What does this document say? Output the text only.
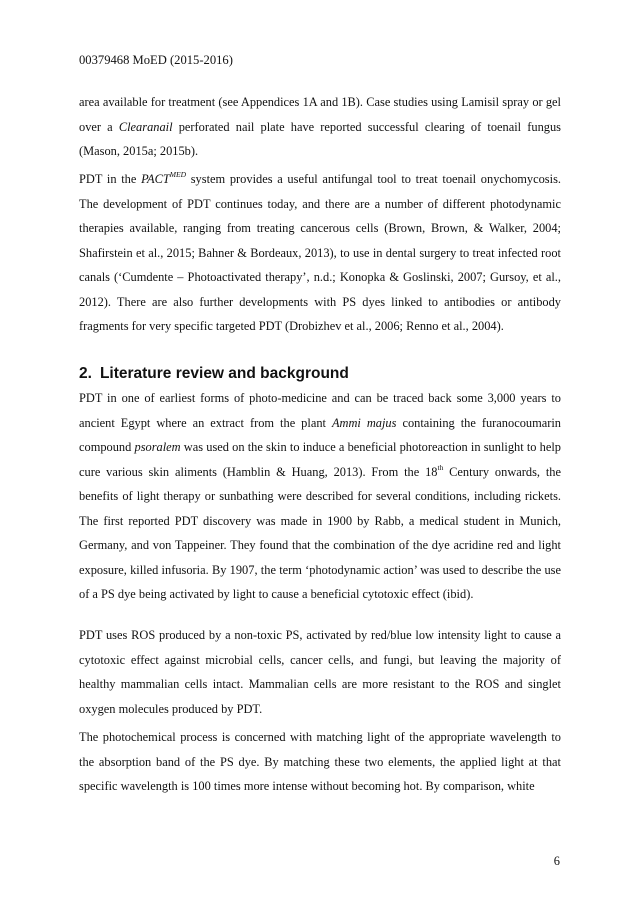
00379468 MoED (2015-2016)

area available for treatment (see Appendices 1A and 1B). Case studies using Lamisil spray or gel over a Clearanail perforated nail plate have reported successful clearing of toenail fungus (Mason, 2015a; 2015b).

PDT in the $PACT^{MED}$ system provides a useful antifungal tool to treat toenail onychomycosis. The development of PDT continues today, and there are a number of different photodynamic therapies available, ranging from treating cancerous cells (Brown, Brown, & Walker, 2004; Shafirstein et al., 2015; Bahner & Bordeaux, 2013), to use in dental surgery to treat infected root canals (‘Cumdente – Photoactivated therapy’, n.d.; Konopka & Goslinski, 2007; Gursoy, et al., 2012). There are also further developments with PS dyes linked to antibodies or antibody fragments for very specific targeted PDT (Drobizhev et al., 2006; Renno et al., 2004).

2. Literature review and background

PDT in one of earliest forms of photo-medicine and can be traced back some 3,000 years to ancient Egypt where an extract from the plant Ammi majus containing the furanocoumarin compound psoralem was used on the skin to induce a beneficial photoreaction in sunlight to help cure various skin aliments (Hamblin & Huang, 2013). From the 18th Century onwards, the benefits of light therapy or sunbathing were described for several conditions, including rickets. The first reported PDT discovery was made in 1900 by Rabb, a medical student in Munich, Germany, and von Tappeiner. They found that the combination of the dye acridine red and light exposure, killed infusoria. By 1907, the term ‘photodynamic action’ was used to describe the use of a PS dye being activated by light to cause a beneficial cytotoxic effect (ibid).

PDT uses ROS produced by a non-toxic PS, activated by red/blue low intensity light to cause a cytotoxic effect against microbial cells, cancer cells, and fungi, but leaving the majority of healthy mammalian cells intact. Mammalian cells are more resistant to the ROS and singlet oxygen molecules produced by PDT.

The photochemical process is concerned with matching light of the appropriate wavelength to the absorption band of the PS dye. By matching these two elements, the applied light at that specific wavelength is 100 times more intense without becoming hot. By comparison, white

6
